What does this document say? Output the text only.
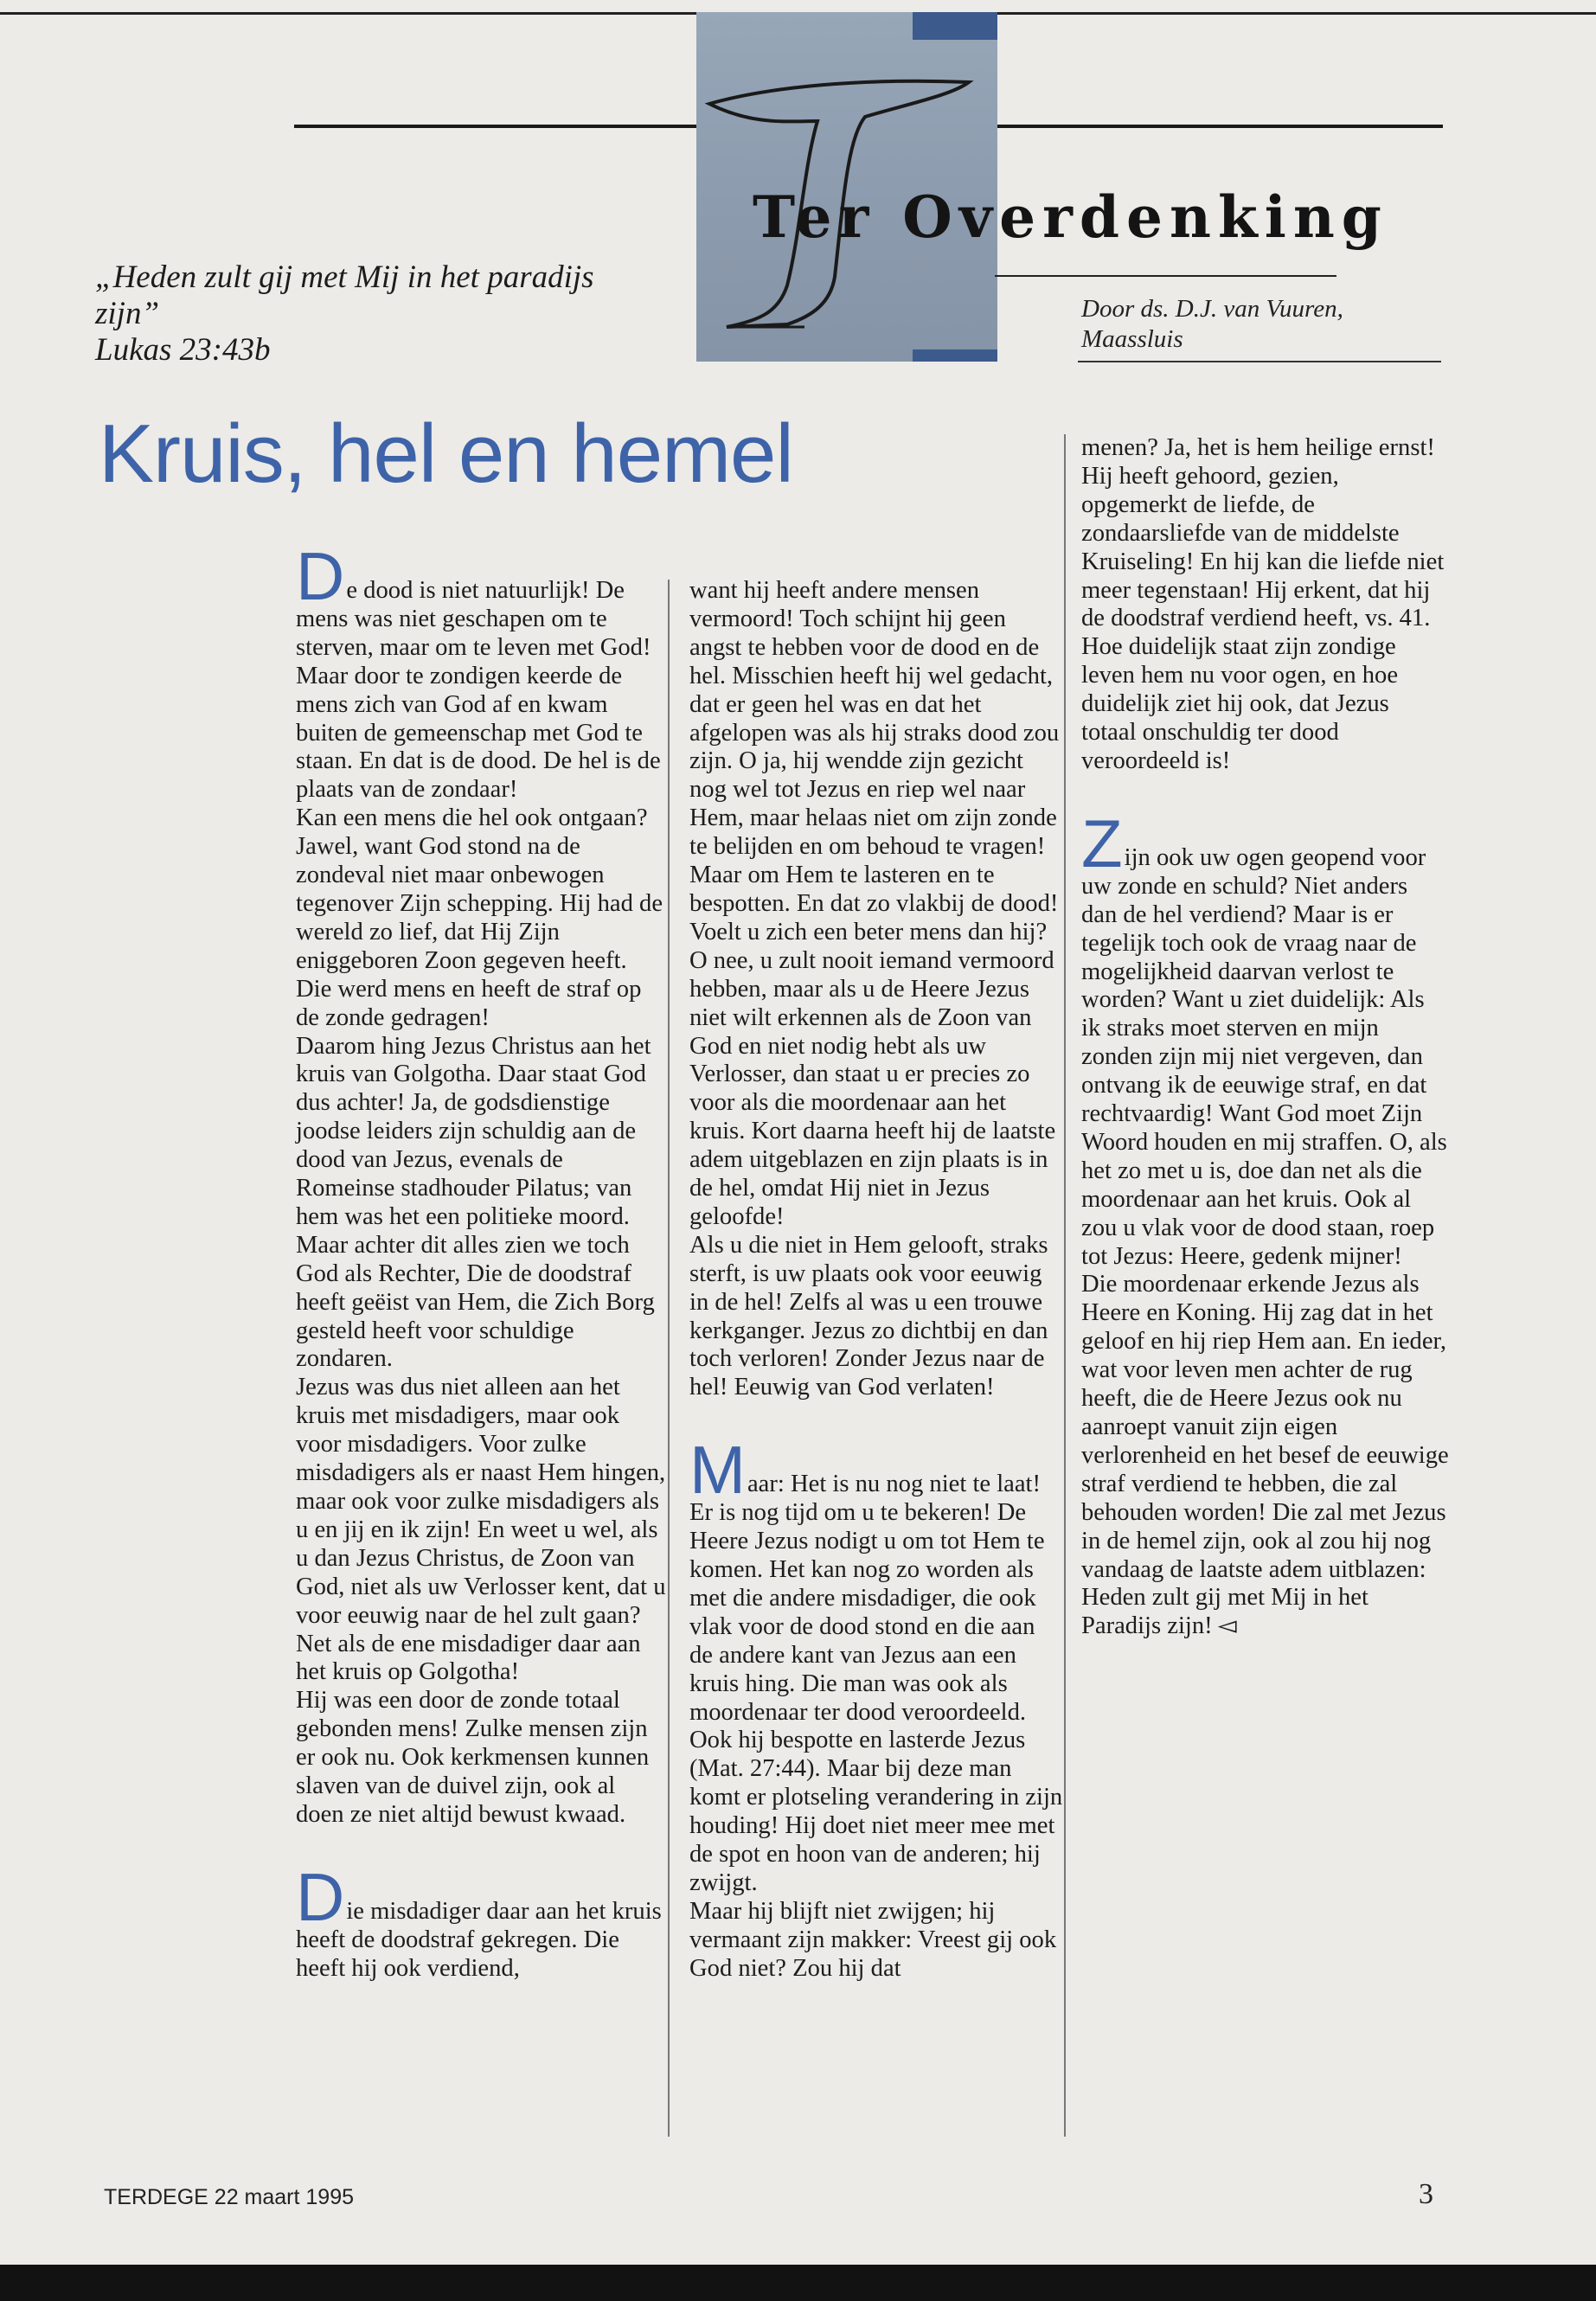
Ter Overdenking
Door ds. D.J. van Vuuren,
Maassluis
„Heden zult gij met Mij in het paradijs
zijn”
Lukas 23:43b
Kruis, hel en hemel

De dood is niet natuurlijk! De mens was niet geschapen om te sterven, maar om te leven met God! Maar door te zondigen keerde de mens zich van God af en kwam buiten de gemeenschap met God te staan. En dat is de dood. De hel is de plaats van de zondaar!

Kan een mens die hel ook ontgaan? Jawel, want God stond na de zondeval niet maar onbewogen tegenover Zijn schepping. Hij had de wereld zo lief, dat Hij Zijn eniggeboren Zoon gegeven heeft. Die werd mens en heeft de straf op de zonde gedragen!

Daarom hing Jezus Christus aan het kruis van Golgotha. Daar staat God dus achter! Ja, de godsdienstige joodse leiders zijn schuldig aan de dood van Jezus, evenals de Romeinse stadhouder Pilatus; van hem was het een politieke moord. Maar achter dit alles zien we toch God als Rechter, Die de doodstraf heeft geëist van Hem, die Zich Borg gesteld heeft voor schuldige zondaren.

Jezus was dus niet alleen aan het kruis met misdadigers, maar ook voor misdadigers. Voor zulke misdadigers als er naast Hem hingen, maar ook voor zulke misdadigers als u en jij en ik zijn! En weet u wel, als u dan Jezus Christus, de Zoon van God, niet als uw Verlosser kent, dat u voor eeuwig naar de hel zult gaan? Net als de ene misdadiger daar aan het kruis op Golgotha!

Hij was een door de zonde totaal gebonden mens! Zulke mensen zijn er ook nu. Ook kerkmensen kunnen slaven van de duivel zijn, ook al doen ze niet altijd bewust kwaad.

Die misdadiger daar aan het kruis heeft de doodstraf gekregen. Die heeft hij ook verdiend,

want hij heeft andere mensen vermoord! Toch schijnt hij geen angst te hebben voor de dood en de hel. Misschien heeft hij wel gedacht, dat er geen hel was en dat het afgelopen was als hij straks dood zou zijn. O ja, hij wendde zijn gezicht nog wel tot Jezus en riep wel naar Hem, maar helaas niet om zijn zonde te belijden en om behoud te vragen! Maar om Hem te lasteren en te bespotten. En dat zo vlakbij de dood!

Voelt u zich een beter mens dan hij? O nee, u zult nooit iemand vermoord hebben, maar als u de Heere Jezus niet wilt erkennen als de Zoon van God en niet nodig hebt als uw Verlosser, dan staat u er precies zo voor als die moordenaar aan het kruis. Kort daarna heeft hij de laatste adem uitgeblazen en zijn plaats is in de hel, omdat Hij niet in Jezus geloofde!

Als u die niet in Hem gelooft, straks sterft, is uw plaats ook voor eeuwig in de hel! Zelfs al was u een trouwe kerkganger. Jezus zo dichtbij en dan toch verloren! Zonder Jezus naar de hel! Eeuwig van God verlaten!

Maar: Het is nu nog niet te laat! Er is nog tijd om u te bekeren! De Heere Jezus nodigt u om tot Hem te komen. Het kan nog zo worden als met die andere misdadiger, die ook vlak voor de dood stond en die aan de andere kant van Jezus aan een kruis hing. Die man was ook als moordenaar ter dood veroordeeld. Ook hij bespotte en lasterde Jezus (Mat. 27:44). Maar bij deze man komt er plotseling verandering in zijn houding! Hij doet niet meer mee met de spot en hoon van de anderen; hij zwijgt.

Maar hij blijft niet zwijgen; hij vermaant zijn makker: Vreest gij ook God niet? Zou hij dat

menen? Ja, het is hem heilige ernst! Hij heeft gehoord, gezien, opgemerkt de liefde, de zondaarsliefde van de middelste Kruiseling! En hij kan die liefde niet meer tegenstaan! Hij erkent, dat hij de doodstraf verdiend heeft, vs. 41. Hoe duidelijk staat zijn zondige leven hem nu voor ogen, en hoe duidelijk ziet hij ook, dat Jezus totaal onschuldig ter dood veroordeeld is!

Zijn ook uw ogen geopend voor uw zonde en schuld? Niet anders dan de hel verdiend? Maar is er tegelijk toch ook de vraag naar de mogelijkheid daarvan verlost te worden? Want u ziet duidelijk: Als ik straks moet sterven en mijn zonden zijn mij niet vergeven, dan ontvang ik de eeuwige straf, en dat rechtvaardig! Want God moet Zijn Woord houden en mij straffen. O, als het zo met u is, doe dan net als die moordenaar aan het kruis. Ook al zou u vlak voor de dood staan, roep tot Jezus: Heere, gedenk mijner!

Die moordenaar erkende Jezus als Heere en Koning. Hij zag dat in het geloof en hij riep Hem aan. En ieder, wat voor leven men achter de rug heeft, die de Heere Jezus ook nu aanroept vanuit zijn eigen verlorenheid en het besef de eeuwige straf verdiend te hebben, die zal behouden worden! Die zal met Jezus in de hemel zijn, ook al zou hij nog vandaag de laatste adem uitblazen: Heden zult gij met Mij in het Paradijs zijn! ◅

TERDEGE 22 maart 1995	3
